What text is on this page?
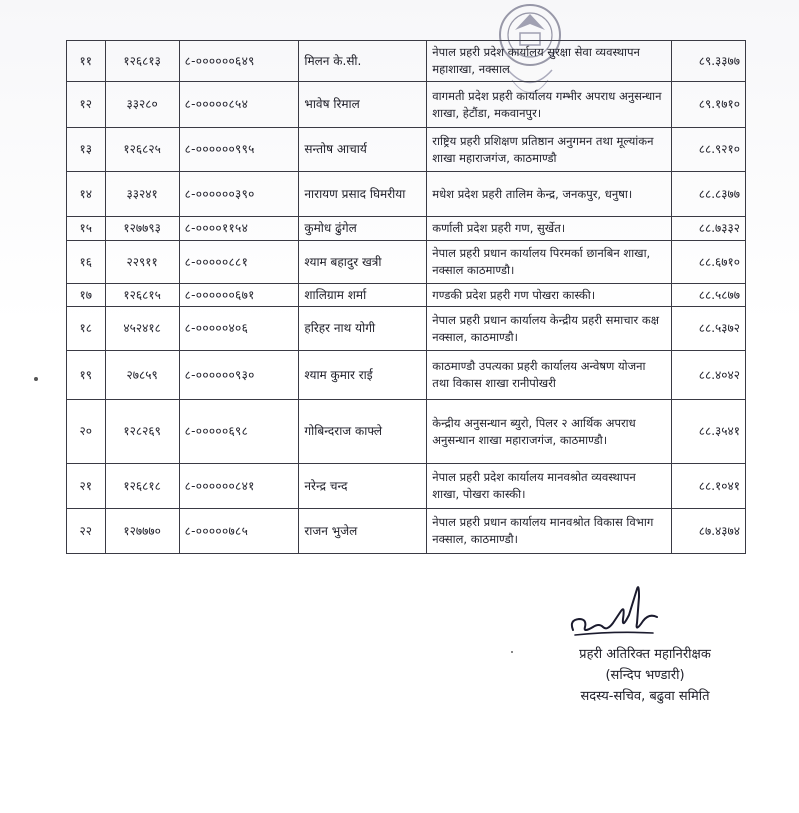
११	१२६८१३	८-००००००६४९	मिलन के.सी.	नेपाल प्रहरी प्रदेश कार्यालय सुरक्षा सेवा व्यवस्थापन महाशाखा, नक्साल	८९.३३७७
१२	३३२८०	८-०००००८५४	भावेष रिमाल	वागमती प्रदेश प्रहरी कार्यालय गम्भीर अपराध अनुसन्धान शाखा, हेटौंडा, मकवानपुर।	८९.१७१०
१३	१२६८२५	८-००००००९९५	सन्तोष आचार्य	राष्ट्रिय प्रहरी प्रशिक्षण प्रतिष्ठान अनुगमन तथा मूल्यांकन शाखा महाराजगंज, काठमाण्डौ	८८.९२१०
१४	३३२४१	८-००००००३९०	नारायण प्रसाद घिमरीया	मधेश प्रदेश प्रहरी तालिम केन्द्र, जनकपुर, धनुषा।	८८.८३७७
१५	१२७७९३	८-००००११५४	कुमोध ढुंगेल	कर्णाली प्रदेश प्रहरी गण, सुर्खेत।	८८.७३३२
१६	२२९११	८-०००००८८१	श्याम बहादुर खत्री	नेपाल प्रहरी प्रधान कार्यालय पिरमर्का छानबिन शाखा, नक्साल काठमाण्डौ।	८८.६७१०
१७	१२६८१५	८-००००००६७१	शालिग्राम शर्मा	गण्डकी प्रदेश प्रहरी गण पोखरा कास्की।	८८.५८७७
१८	४५२४१८	८-०००००४०६	हरिहर नाथ योगी	नेपाल प्रहरी प्रधान कार्यालय केन्द्रीय प्रहरी समाचार कक्ष नक्साल, काठमाण्डौ।	८८.५३७२
१९	२७८५९	८-००००००९३०	श्याम कुमार राई	काठमाण्डौ उपत्यका प्रहरी कार्यालय अन्वेषण योजना तथा विकास शाखा रानीपोखरी	८८.४०४२
२०	१२८२६९	८-०००००६९८	गोबिन्दराज काफ्ले	केन्द्रीय अनुसन्धान ब्युरो, पिलर २ आर्थिक अपराध अनुसन्धान शाखा महाराजगंज, काठमाण्डौ।	८८.३५४१
२१	१२६८१८	८-००००००८४१	नरेन्द्र चन्द	नेपाल प्रहरी प्रदेश कार्यालय मानवश्रोत व्यवस्थापन शाखा, पोखरा कास्की।	८८.१०४१
२२	१२७७७०	८-०००००७८५	राजन भुजेल	नेपाल प्रहरी प्रधान कार्यालय मानवश्रोत विकास विभाग नक्साल, काठमाण्डौ।	८७.४३७४
प्रहरी अतिरिक्त महानिरीक्षक
(सन्दिप भण्डारी)
सदस्य-सचिव, बढुवा समिति
